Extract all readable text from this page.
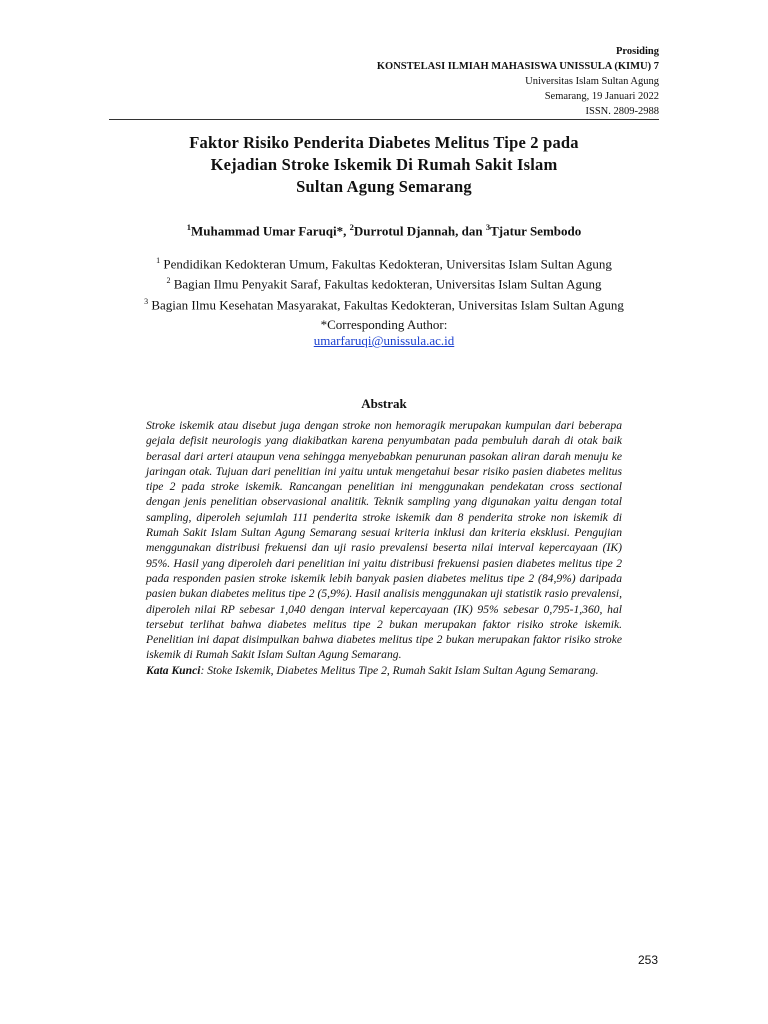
Prosiding
KONSTELASI ILMIAH MAHASISWA UNISSULA (KIMU) 7
Universitas Islam Sultan Agung
Semarang, 19 Januari 2022
ISSN. 2809-2988
Faktor Risiko Penderita Diabetes Melitus Tipe 2 pada
Kejadian Stroke Iskemik Di Rumah Sakit Islam
Sultan Agung Semarang
$^1$Muhammad Umar Faruqi*, $^2$Durrotul Djannah, dan $^3$Tjatur Sembodo
$^1$ Pendidikan Kedokteran Umum, Fakultas Kedokteran, Universitas Islam Sultan Agung
$^2$ Bagian Ilmu Penyakit Saraf, Fakultas kedokteran, Universitas Islam Sultan Agung
$^3$ Bagian Ilmu Kesehatan Masyarakat, Fakultas Kedokteran, Universitas Islam Sultan Agung
*Corresponding Author:
umarfaruqi@unissula.ac.id
Abstrak
Stroke iskemik atau disebut juga dengan stroke non hemoragik merupakan kumpulan dari beberapa gejala defisit neurologis yang diakibatkan karena penyumbatan pada pembuluh darah di otak baik berasal dari arteri ataupun vena sehingga menyebabkan penurunan pasokan aliran darah menuju ke jaringan otak. Tujuan dari penelitian ini yaitu untuk mengetahui besar risiko pasien diabetes melitus tipe 2 pada stroke iskemik. Rancangan penelitian ini menggunakan pendekatan cross sectional dengan jenis penelitian observasional analitik. Teknik sampling yang digunakan yaitu dengan total sampling, diperoleh sejumlah 111 penderita stroke iskemik dan 8 penderita stroke non iskemik di Rumah Sakit Islam Sultan Agung Semarang sesuai kriteria inklusi dan kriteria eksklusi. Pengujian menggunakan distribusi frekuensi dan uji rasio prevalensi beserta nilai interval kepercayaan (IK) 95%. Hasil yang diperoleh dari penelitian ini yaitu distribusi frekuensi pasien diabetes melitus tipe 2 pada responden pasien stroke iskemik lebih banyak pasien diabetes melitus tipe 2 (84,9%) daripada pasien bukan diabetes melitus tipe 2 (5,9%). Hasil analisis menggunakan uji statistik rasio prevalensi, diperoleh nilai RP sebesar 1,040 dengan interval kepercayaan (IK) 95% sebesar 0,795-1,360, hal tersebut terlihat bahwa diabetes melitus tipe 2 bukan merupakan faktor risiko stroke iskemik. Penelitian ini dapat disimpulkan bahwa diabetes melitus tipe 2 bukan merupakan faktor risiko stroke iskemik di Rumah Sakit Islam Sultan Agung Semarang.
Kata Kunci: Stoke Iskemik, Diabetes Melitus Tipe 2, Rumah Sakit Islam Sultan Agung Semarang.
253
